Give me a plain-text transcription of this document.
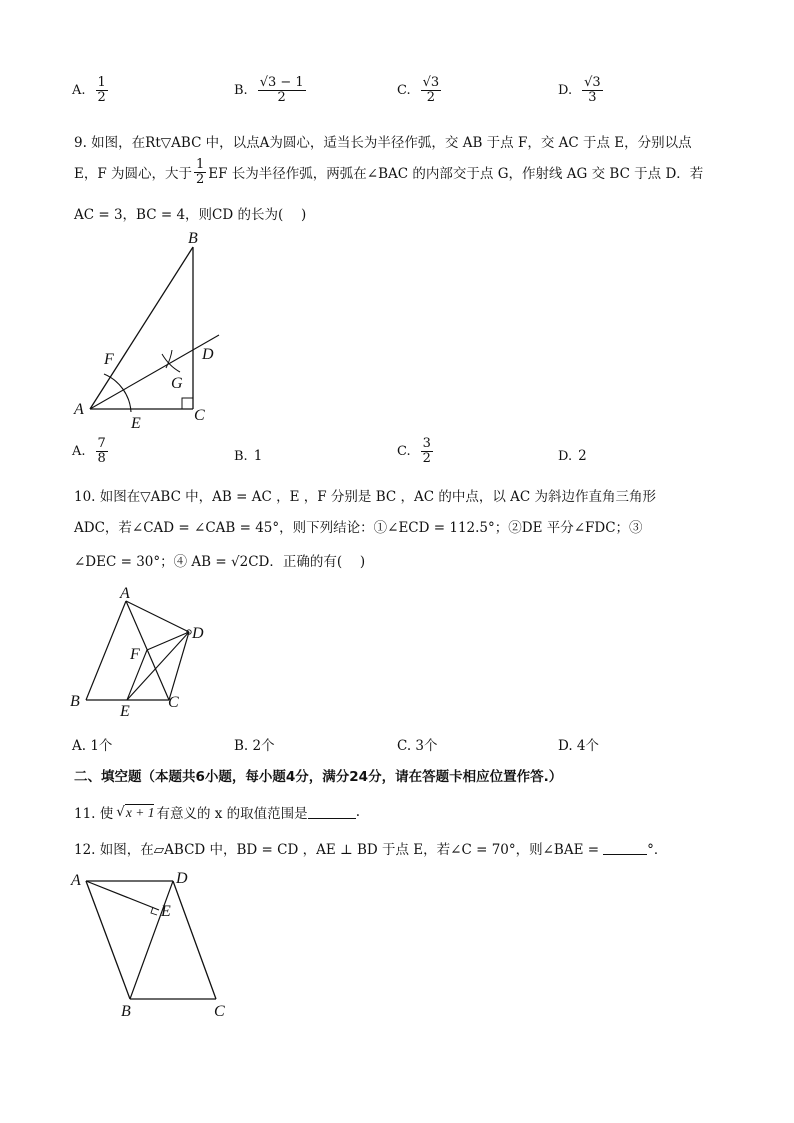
A. $\frac{1}{2}$	B. $\frac{√3 - 1}{2}$	C. $\frac{√3}{2}$	D. $\frac{√3}{3}$
9. 如图，在Rt▽ABC 中，以点A为圆心，适当长为半径作弧，交 AB 于点 F，交 AC 于点 E，分别以点
E，F 为圆心，大于 $\frac{1}{2}$ EF 长为半径作弧，两弧在∠BAC 的内部交于点 G，作射线 AG 交 BC 于点 D．若
AC = 3，BC = 4，则CD 的长为(　 )
B
D
F
G
A
E	C
A. $\frac{7}{8}$	B. 1	C. $\frac{3}{2}$	D. 2
10. 如图在▽ABC 中，AB = AC ，E ，F 分别是 BC ，AC 的中点，以 AC 为斜边作直角三角形
ADC，若∠CAD = ∠CAB = 45°，则下列结论：①∠ECD = 112.5°；②DE 平分∠FDC；③
∠DEC = 30°；④ AB = √2CD．正确的有(　 )
A
D
F
B
E
C
A. 1个	B. 2个	C. 3个	D. 4个
二、填空题（本题共6小题，每小题4分，满分24分，请在答题卡相应位置作答.）
11. 使 √ x + 1 有意义的 x 的取值范围是	.
12. 如图，在▱ABCD 中，BD = CD ，AE ⊥ BD 于点 E，若∠C = 70°，则∠BAE =	°．
A	D
E
B	C
